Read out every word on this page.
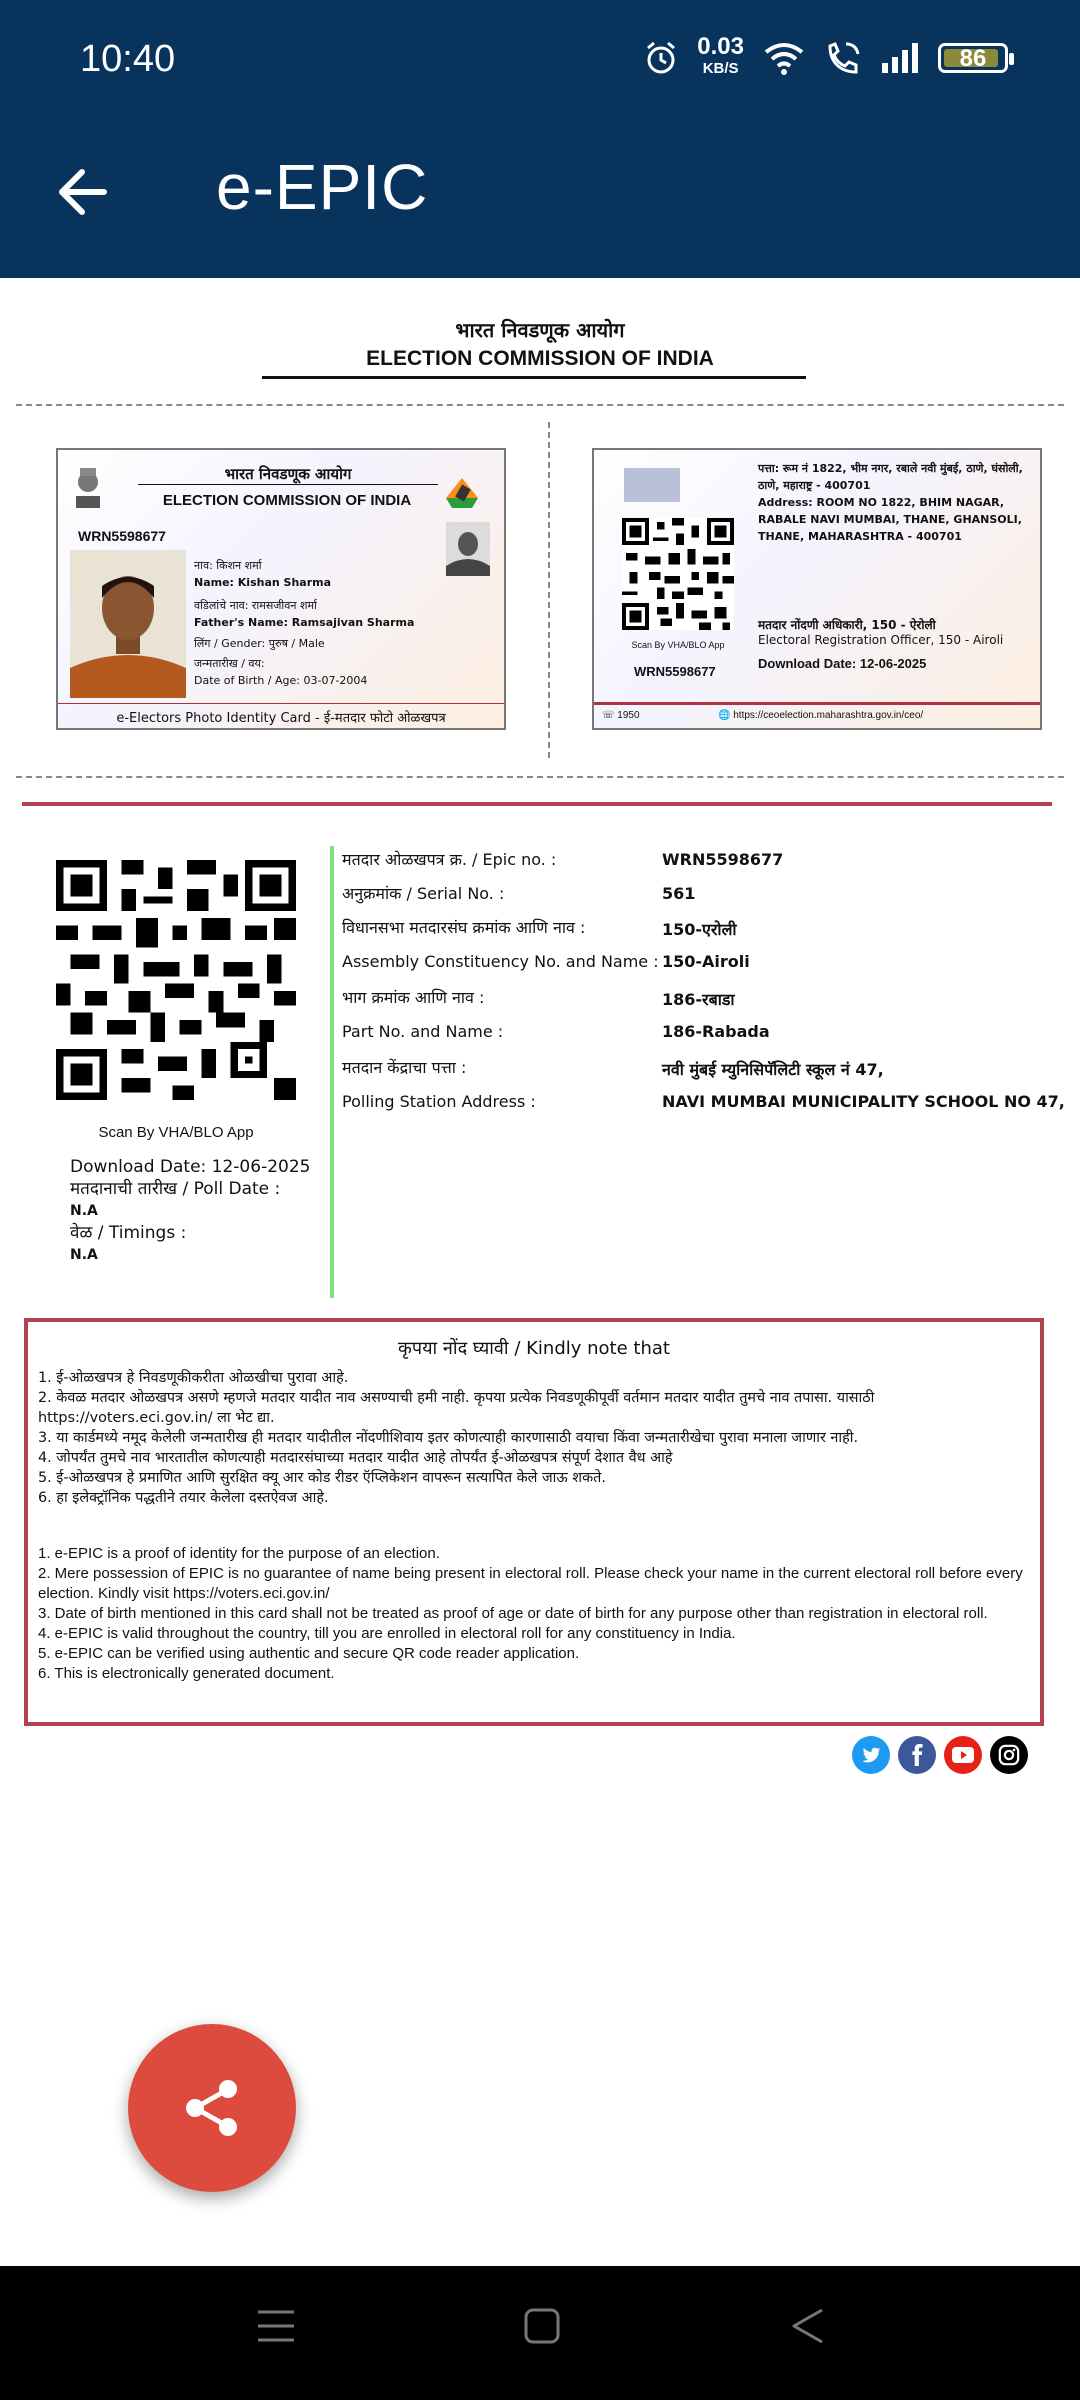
10:40	0.03
KB/S	86
e-EPIC
भारत निवडणूक आयोग
ELECTION COMMISSION OF INDIA
भारत निवडणूक आयोग
ELECTION COMMISSION OF INDIA
WRN5598677
नाव: किशन शर्मा
Name: Kishan Sharma
वडिलांचे नाव: रामसजीवन शर्मा
Father's Name: Ramsajivan Sharma
लिंग / Gender: पुरुष / Male
जन्मतारीख / वय:
Date of Birth / Age: 03-07-2004
e-Electors Photo Identity Card - ई-मतदार फोटो ओळखपत्र
Scan By VHA/BLO App
WRN5598677
पत्ता: रूम नं 1822, भीम नगर, रबाले नवी मुंबई, ठाणे, घंसोली, ठाणे, महाराष्ट्र - 400701
Address: ROOM NO 1822, BHIM NAGAR, RABALE NAVI MUMBAI, THANE, GHANSOLI, THANE, MAHARASHTRA - 400701
मतदार नोंदणी अधिकारी, 150 - ऐरोली
Electoral Registration Officer, 150 - Airoli
Download Date: 12-06-2025
☏ 1950	🌐 https://ceoelection.maharashtra.gov.in/ceo/
Scan By VHA/BLO App
Download Date: 12-06-2025
मतदानाची तारीख / Poll Date :
N.A
वेळ / Timings :
N.A
मतदार ओळखपत्र क्र. / Epic no. :	WRN5598677
अनुक्रमांक / Serial No. :	561
विधानसभा मतदारसंघ क्रमांक आणि नाव :	150-एरोली
Assembly Constituency No. and Name : 150-Airoli
भाग क्रमांक आणि नाव :	186-रबाडा
Part No. and Name :	186-Rabada
मतदान केंद्राचा पत्ता :	नवी मुंबई म्युनिसिपॅलिटी स्कूल नं 47,
Polling Station Address :	NAVI MUMBAI MUNICIPALITY SCHOOL NO 47,
कृपया नोंद घ्यावी / Kindly note that

1. ई-ओळखपत्र हे निवडणूकीकरीता ओळखीचा पुरावा आहे.

2. केवळ मतदार ओळखपत्र असणे म्हणजे मतदार यादीत नाव असण्याची हमी नाही. कृपया प्रत्येक निवडणूकीपूर्वी वर्तमान मतदार यादीत तुमचे नाव तपासा. यासाठी https://voters.eci.gov.in/ ला भेट द्या.

3. या कार्डमध्ये नमूद केलेली जन्मतारीख ही मतदार यादीतील नोंदणीशिवाय इतर कोणत्याही कारणासाठी वयाचा किंवा जन्मतारीखेचा पुरावा मनाला जाणार नाही.

4. जोपर्यंत तुमचे नाव भारतातील कोणत्याही मतदारसंघाच्या मतदार यादीत आहे तोपर्यंत ई-ओळखपत्र संपूर्ण देशात वैध आहे

5. ई-ओळखपत्र हे प्रमाणित आणि सुरक्षित क्यू आर कोड रीडर ऍप्लिकेशन वापरून सत्यापित केले जाऊ शकते.

6. हा इलेक्ट्रॉनिक पद्धतीने तयार केलेला दस्तऐवज आहे.

1. e-EPIC is a proof of identity for the purpose of an election.

2. Mere possession of EPIC is no guarantee of name being present in electoral roll. Please check your name in the current electoral roll before every election. Kindly visit https://voters.eci.gov.in/

3. Date of birth mentioned in this card shall not be treated as proof of age or date of birth for any purpose other than registration in electoral roll.

4. e-EPIC is valid throughout the country, till you are enrolled in electoral roll for any constituency in India.

5. e-EPIC can be verified using authentic and secure QR code reader application.

6. This is electronically generated document.
